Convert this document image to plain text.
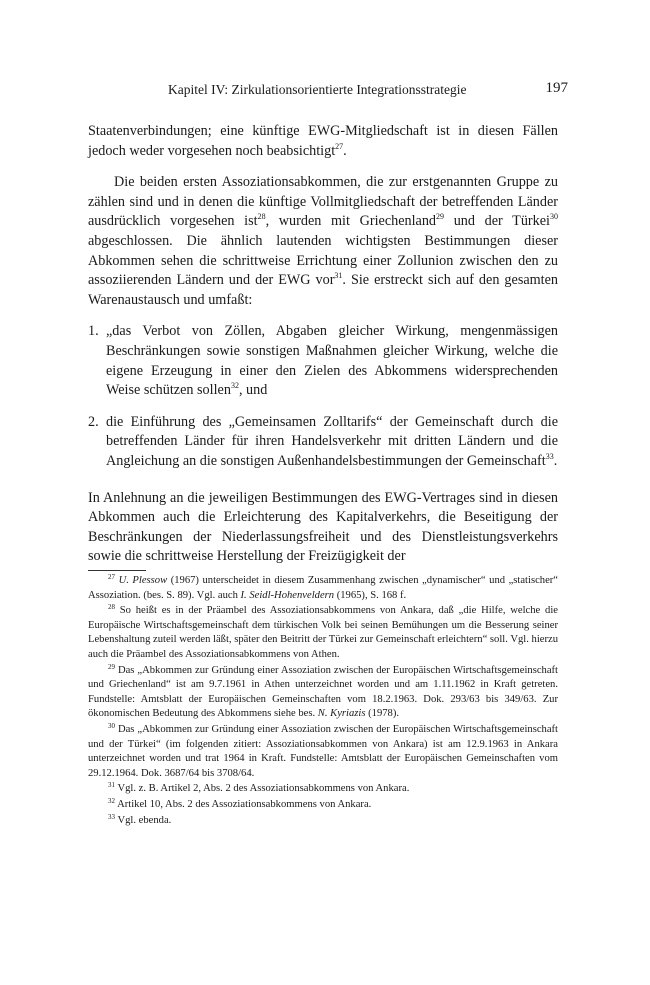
Kapitel IV: Zirkulationsorientierte Integrationsstrategie	197

Staatenverbindungen; eine künftige EWG-Mitgliedschaft ist in diesen Fällen jedoch weder vorgesehen noch beabsichtigt$^{27}$.

Die beiden ersten Assoziationsabkommen, die zur erstgenannten Gruppe zu zählen sind und in denen die künftige Vollmitgliedschaft der betreffenden Länder ausdrücklich vorgesehen ist$^{28}$, wurden mit Griechenland$^{29}$ und der Türkei$^{30}$ abgeschlossen. Die ähnlich lautenden wichtigsten Bestimmungen dieser Abkommen sehen die schrittweise Errichtung einer Zollunion zwischen den zu assoziierenden Ländern und der EWG vor$^{31}$. Sie erstreckt sich auf den gesamten Warenaustausch und umfaßt:

1. „das Verbot von Zöllen, Abgaben gleicher Wirkung, mengenmässigen Beschränkungen sowie sonstigen Maßnahmen gleicher Wirkung, welche die eigene Erzeugung in einer den Zielen des Abkommens widersprechenden Weise schützen sollen$^{32}$, und
2. die Einführung des „Gemeinsamen Zolltarifs“ der Gemeinschaft durch die betreffenden Länder für ihren Handelsverkehr mit dritten Ländern und die Angleichung an die sonstigen Außenhandelsbestimmungen der Gemeinschaft$^{33}$.

In Anlehnung an die jeweiligen Bestimmungen des EWG-Vertrages sind in diesen Abkommen auch die Erleichterung des Kapitalverkehrs, die Beseitigung der Beschränkungen der Niederlassungsfreiheit und des Dienstleistungsverkehrs sowie die schrittweise Herstellung der Freizügigkeit der

$^{27}$ U. Plessow (1967) unterscheidet in diesem Zusammenhang zwischen „dynamischer“ und „statischer“ Assoziation. (bes. S. 89). Vgl. auch I. Seidl-Hohenveldern (1965), S. 168 f.

$^{28}$ So heißt es in der Präambel des Assoziationsabkommens von Ankara, daß „die Hilfe, welche die Europäische Wirtschaftsgemeinschaft dem türkischen Volk bei seinen Bemühungen um die Besserung seiner Lebenshaltung zuteil werden läßt, später den Beitritt der Türkei zur Gemeinschaft erleichtern“ soll. Vgl. hierzu auch die Präambel des Assoziationsabkommens von Athen.

$^{29}$ Das „Abkommen zur Gründung einer Assoziation zwischen der Europäischen Wirtschaftsgemeinschaft und Griechenland“ ist am 9.7.1961 in Athen unterzeichnet worden und am 1.11.1962 in Kraft getreten. Fundstelle: Amtsblatt der Europäischen Gemeinschaften vom 18.2.1963. Dok. 293/63 bis 349/63. Zur ökonomischen Bedeutung des Abkommens siehe bes. N. Kyriazis (1978).

$^{30}$ Das „Abkommen zur Gründung einer Assoziation zwischen der Europäischen Wirtschaftsgemeinschaft und der Türkei“ (im folgenden zitiert: Assoziationsabkommen von Ankara) ist am 12.9.1963 in Ankara unterzeichnet worden und trat 1964 in Kraft. Fundstelle: Amtsblatt der Europäischen Gemeinschaften vom 29.12.1964. Dok. 3687/64 bis 3708/64.

$^{31}$ Vgl. z. B. Artikel 2, Abs. 2 des Assoziationsabkommens von Ankara.

$^{32}$ Artikel 10, Abs. 2 des Assoziationsabkommens von Ankara.

$^{33}$ Vgl. ebenda.
